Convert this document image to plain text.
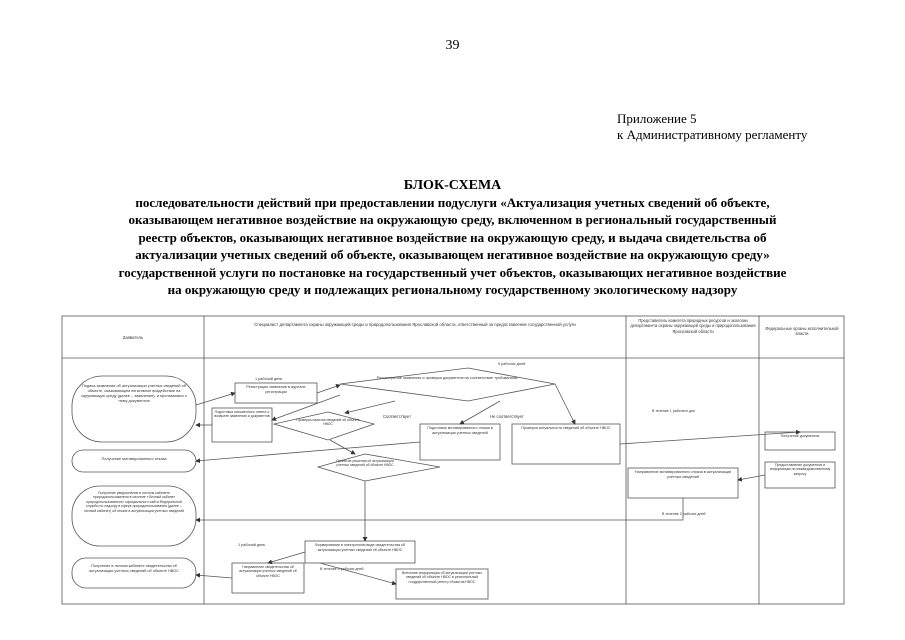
39
Приложение 5
к Административному регламенту
БЛОК-СХЕМА
последовательности действий при предоставлении подуслуги «Актуализация учетных сведений об объекте,
оказывающем негативное воздействие на окружающую среду, включенном в региональный государственный
реестр объектов, оказывающих негативное воздействие на окружающую среду, и выдача свидетельства об
актуализации учетных сведений об объекте, оказывающем негативное воздействие на окружающую среду»
государственной услуги по постановке на государственный учет объектов, оказывающих негативное воздействие
на окружающую среду и подлежащих региональному государственному экологическому надзору
Заявитель
Специалист департамента охраны окружающей среды и природопользования Ярославской области, ответственный за предоставление государственной услуги
Представитель комитета природных ресурсов и экологии департамента охраны окружающей среды и природопользования Ярославской области
Федеральные органы исполнительной власти
Подача заявления об актуализации учетных сведений об объекте, оказывающем негативное воздействие на окружающую среду (далее – заявление), и прилагаемых к нему документов
Получение мотивированного отказа
Получение уведомления в личном кабинете природопользователя в системе «Личный кабинет природопользователя» официального сайта Федеральной службы по надзору в сфере природопользования (далее – личный кабинет) об отказе в актуализации учетных сведений
Получение в личном кабинете свидетельства об актуализации учетных сведений об объекте НВОС
Регистрация заявления в журнале регистрации
Подготовка письменного ответа о возврате заявления и документов
Рассмотрение заявления и проверка документов на соответствие требованиям
Проверка наличия сведений об объекте НВОС
Принятие решения об актуализации учетных сведений об объекте НВОС
Подготовка мотивированного отказа в актуализации учетных сведений
Проверка актуальности сведений об объекте НВОС
Формирование в электронном виде свидетельства об актуализации учетных сведений об объекте НВОС
Направление свидетельства об актуализации учетных сведений об объекте НВОС
Внесение информации об актуализации учетных сведений об объекте НВОС в региональный государственный реестр объектов НВОС
Направление мотивированного отказа в актуализации учетных сведений
Получение документов
Предоставление документов и информации по межведомственному запросу
Соответствует	Не соответствует
5 рабочих дней
1 рабочий день
1 рабочий день
В течение 1 рабочего дня
В течение 2 рабочих дней
В течение 2 рабочих дней
